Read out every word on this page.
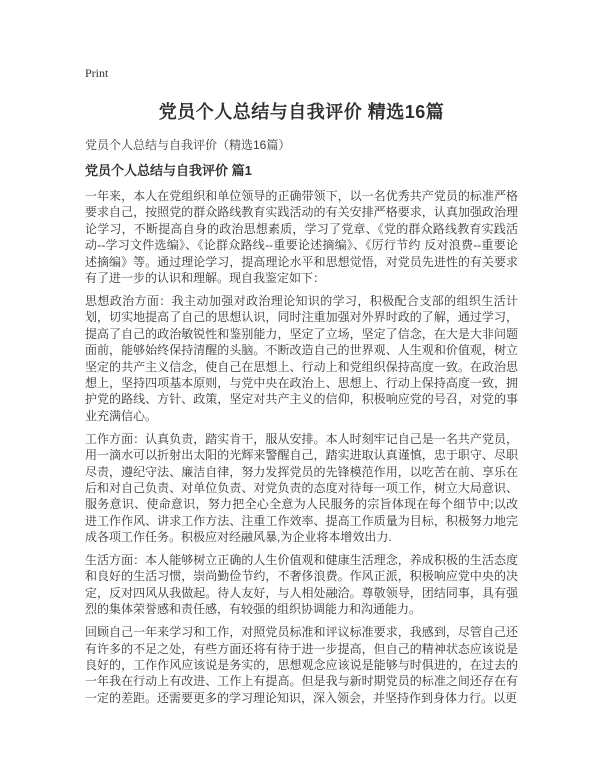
Print
党员个人总结与自我评价 精选16篇
党员个人总结与自我评价（精选16篇）
党员个人总结与自我评价 篇1

一年来，本人在党组织和单位领导的正确带领下，以一名优秀共产党员的标准严格要求自己，按照党的群众路线教育实践活动的有关安排严格要求，认真加强政治理论学习，不断提高自身的政治思想素质，学习了党章、《党的群众路线教育实践活动--学习文件选编》、《论群众路线--重要论述摘编》、《厉行节约 反对浪费--重要论述摘编》等。通过理论学习，提高理论水平和思想觉悟，对党员先进性的有关要求有了进一步的认识和理解。现自我鉴定如下：

思想政治方面：我主动加强对政治理论知识的学习，积极配合支部的组织生活计划，切实地提高了自己的思想认识，同时注重加强对外界时政的了解，通过学习，提高了自己的政治敏锐性和鉴别能力，坚定了立场，坚定了信念，在大是大非问题面前，能够始终保持清醒的头脑。不断改造自己的世界观、人生观和价值观，树立坚定的共产主义信念，使自己在思想上、行动上和党组织保持高度一致。在政治思想上，坚持四项基本原则，与党中央在政治上、思想上、行动上保持高度一致，拥护党的路线、方针、政策，坚定对共产主义的信仰，积极响应党的号召，对党的事业充满信心。

工作方面：认真负责，踏实肯干，服从安排。本人时刻牢记自己是一名共产党员，用一滴水可以折射出太阳的光辉来警醒自己，踏实进取认真谨慎，忠于职守、尽职尽责，遵纪守法、廉洁自律，努力发挥党员的先锋模范作用，以吃苦在前、享乐在后和对自己负责、对单位负责、对党负责的态度对待每一项工作，树立大局意识、服务意识、使命意识，努力把全心全意为人民服务的宗旨体现在每个细节中;以改进工作作风、讲求工作方法、注重工作效率、提高工作质量为目标，积极努力地完成各项工作任务。积极应对经融风暴,为企业将本增效出力.

生活方面：本人能够树立正确的人生价值观和健康生活理念，养成积极的生活态度和良好的生活习惯，崇尚勤俭节约，不奢侈浪费。作风正派，积极响应党中央的决定，反对四风从我做起。待人友好，与人相处融洽。尊敬领导，团结同事，具有强烈的集体荣誉感和责任感，有较强的组织协调能力和沟通能力。

回顾自己一年来学习和工作，对照党员标准和评议标准要求，我感到，尽管自己还有许多的不足之处，有些方面还将有待于进一步提高，但自己的精神状态应该说是良好的，工作作风应该说是务实的，思想观念应该说是能够与时俱进的，在过去的一年我在行动上有改进、工作上有提高。但是我与新时期党员的标准之间还存在有一定的差距。还需要更多的学习理论知识，深入领会，并坚持作到身体力行。以更
